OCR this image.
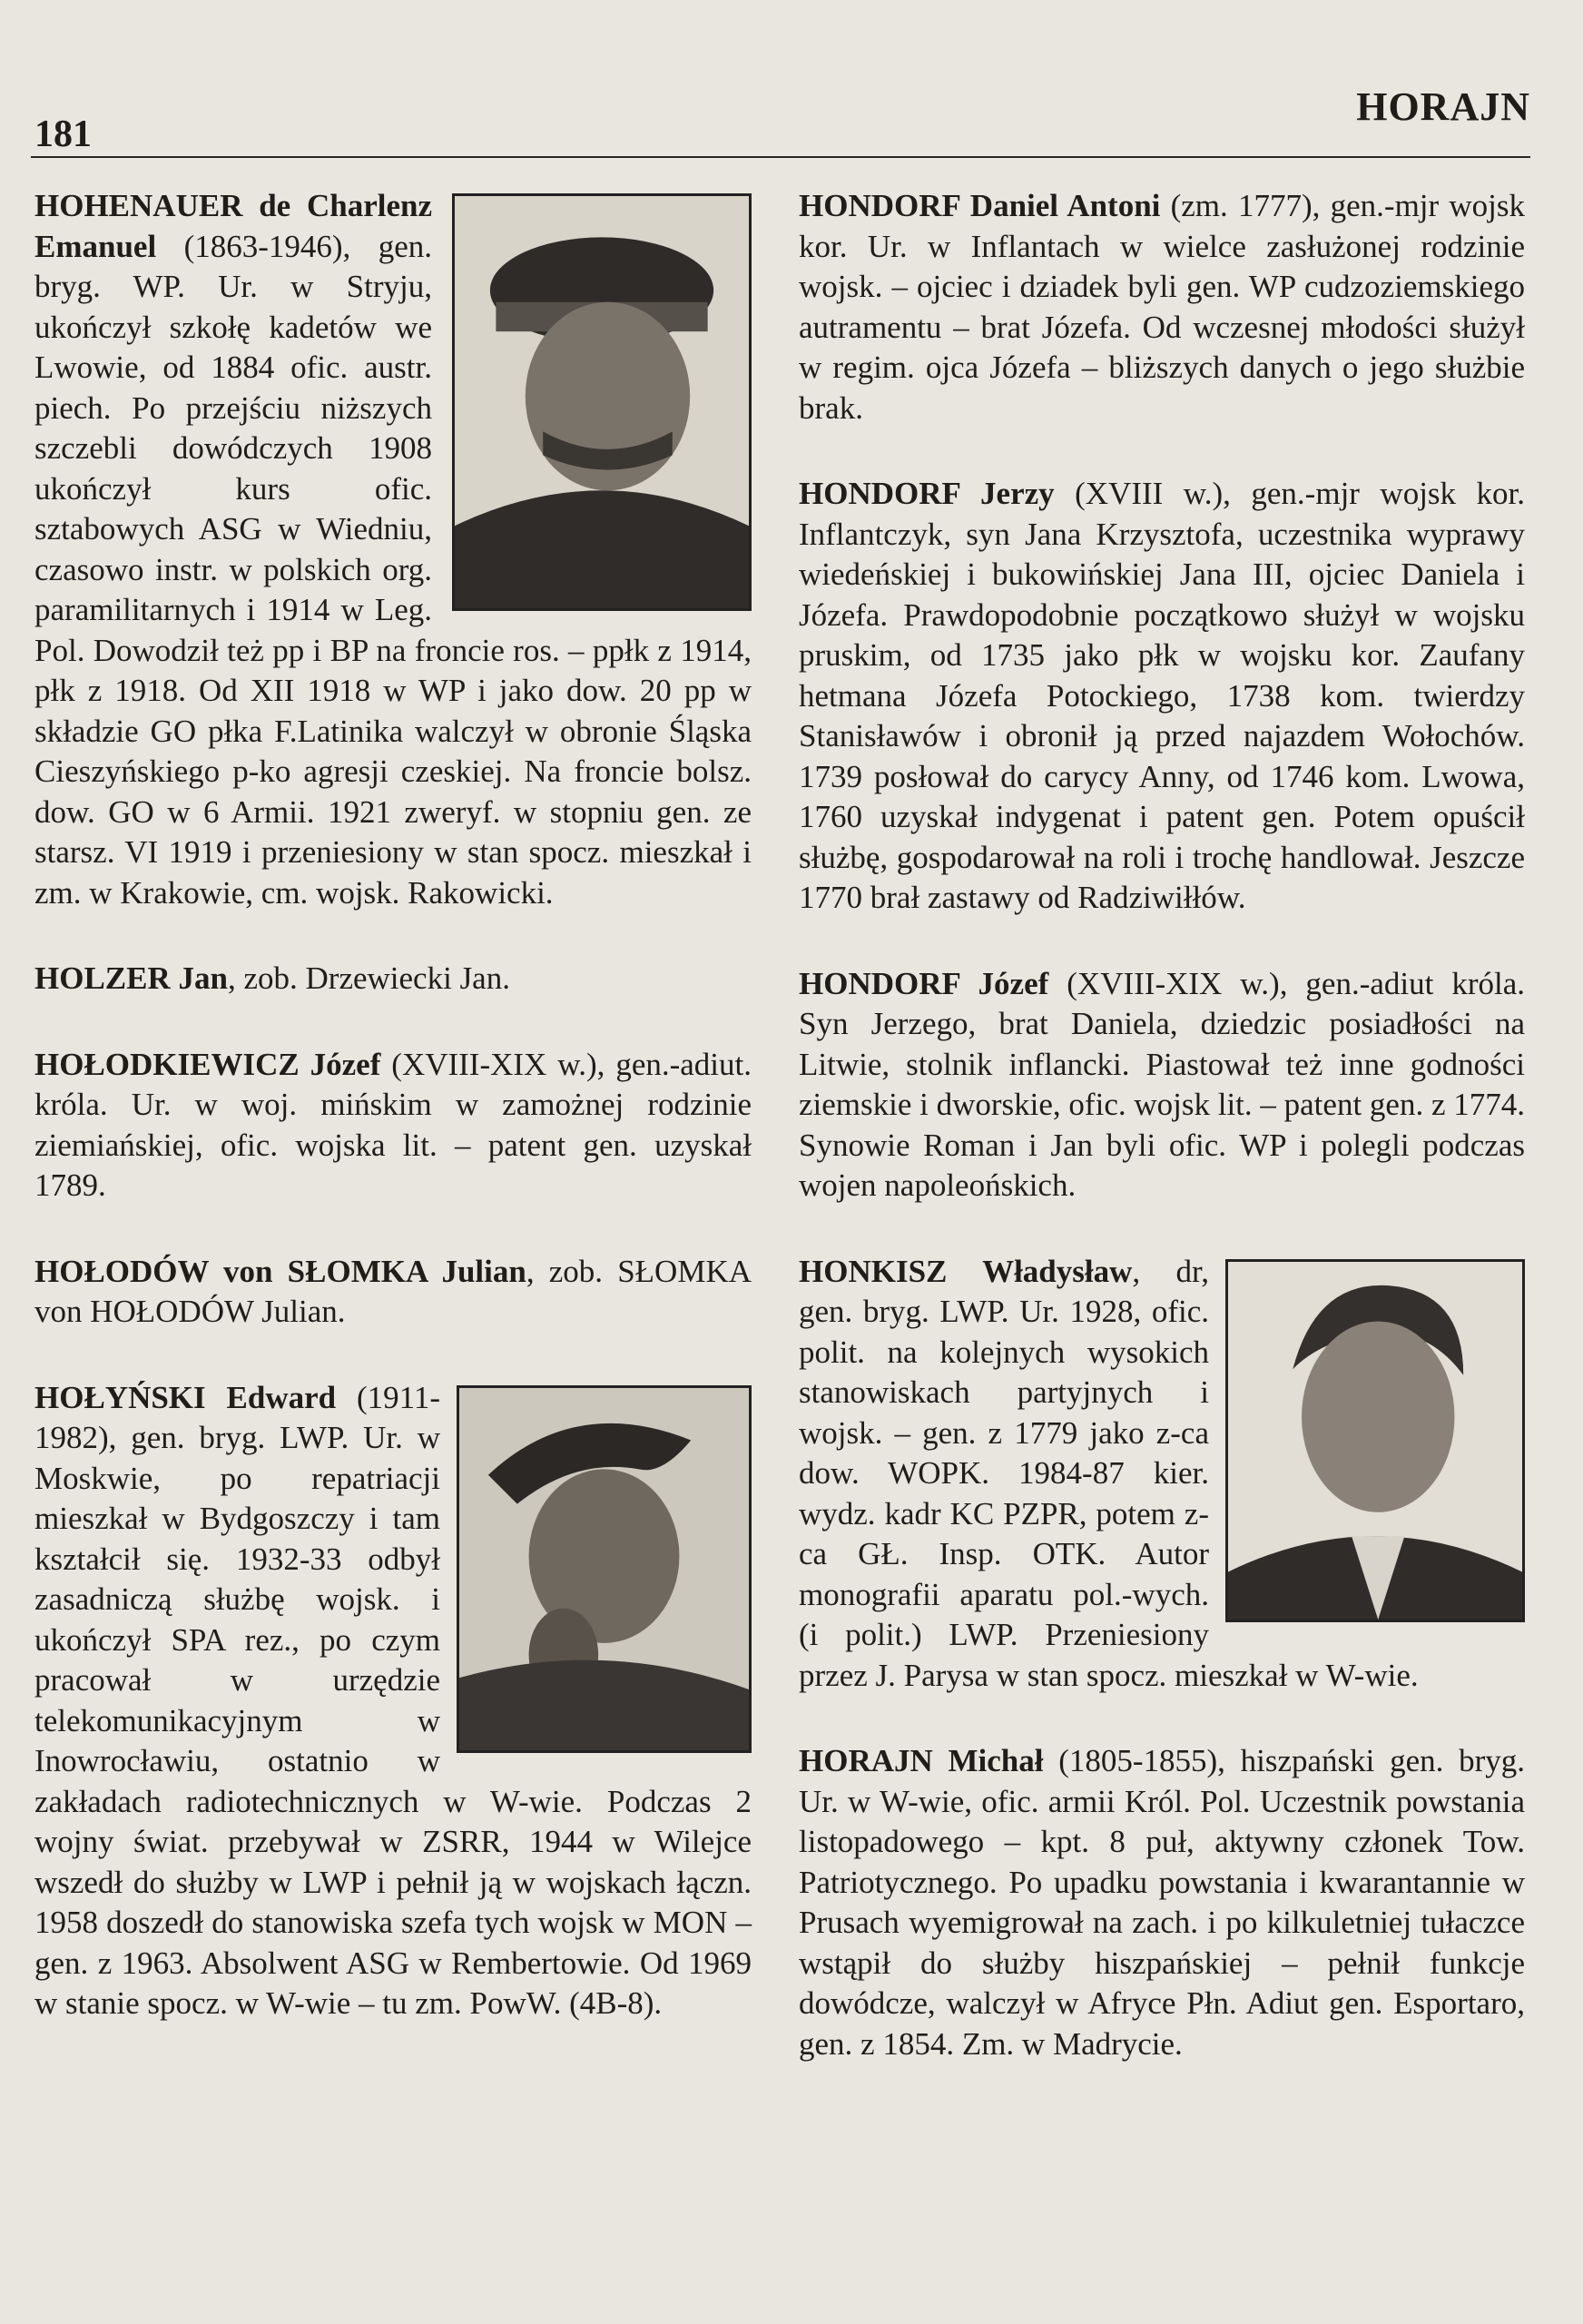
181
HORAJN

HOHENAUER de Charlenz Emanuel (1863-1946), gen. bryg. WP. Ur. w Stryju, ukończył szkołę kadetów we Lwowie, od 1884 ofic. austr. piech. Po przejściu niższych szczebli dowódczych 1908 ukończył kurs ofic. sztabowych ASG w Wiedniu, czasowo instr. w polskich org. paramilitarnych i 1914 w Leg. Pol. Dowodził też pp i BP na froncie ros. – ppłk z 1914, płk z 1918. Od XII 1918 w WP i jako dow. 20 pp w składzie GO płka F.Latinika walczył w obronie Śląska Cieszyńskiego p-ko agresji czeskiej. Na froncie bolsz. dow. GO w 6 Armii. 1921 zweryf. w stopniu gen. ze starsz. VI 1919 i przeniesiony w stan spocz. mieszkał i zm. w Krakowie, cm. wojsk. Rakowicki.

HOLZER Jan, zob. Drzewiecki Jan.

HOŁODKIEWICZ Józef (XVIII-XIX w.), gen.-adiut. króla. Ur. w woj. mińskim w zamożnej rodzinie ziemiańskiej, ofic. wojska lit. – patent gen. uzyskał 1789.

HOŁODÓW von SŁOMKA Julian, zob. SŁOMKA von HOŁODÓW Julian.

HOŁYŃSKI Edward (1911-1982), gen. bryg. LWP. Ur. w Moskwie, po repatriacji mieszkał w Bydgoszczy i tam kształcił się. 1932-33 odbył zasadniczą służbę wojsk. i ukończył SPA rez., po czym pracował w urzędzie telekomunikacyjnym w Inowrocławiu, ostatnio w zakładach radiotechnicznych w W-wie. Podczas 2 wojny świat. przebywał w ZSRR, 1944 w Wilejce wszedł do służby w LWP i pełnił ją w wojskach łączn. 1958 doszedł do stanowiska szefa tych wojsk w MON – gen. z 1963. Absolwent ASG w Rembertowie. Od 1969 w stanie spocz. w W-wie – tu zm. PowW. (4B-8).

HONDORF Daniel Antoni (zm. 1777), gen.-mjr wojsk kor. Ur. w Inflantach w wielce zasłużonej rodzinie wojsk. – ojciec i dziadek byli gen. WP cudzoziemskiego autramentu – brat Józefa. Od wczesnej młodości służył w regim. ojca Józefa – bliższych danych o jego służbie brak.

HONDORF Jerzy (XVIII w.), gen.-mjr wojsk kor. Inflantczyk, syn Jana Krzysztofa, uczestnika wyprawy wiedeńskiej i bukowińskiej Jana III, ojciec Daniela i Józefa. Prawdopodobnie początkowo służył w wojsku pruskim, od 1735 jako płk w wojsku kor. Zaufany hetmana Józefa Potockiego, 1738 kom. twierdzy Stanisławów i obronił ją przed najazdem Wołochów. 1739 posłował do carycy Anny, od 1746 kom. Lwowa, 1760 uzyskał indygenat i patent gen. Potem opuścił służbę, gospodarował na roli i trochę handlował. Jeszcze 1770 brał zastawy od Radziwiłłów.

HONDORF Józef (XVIII-XIX w.), gen.-adiut króla. Syn Jerzego, brat Daniela, dziedzic posiadłości na Litwie, stolnik inflancki. Piastował też inne godności ziemskie i dworskie, ofic. wojsk lit. – patent gen. z 1774. Synowie Roman i Jan byli ofic. WP i polegli podczas wojen napoleońskich.

HONKISZ Władysław, dr, gen. bryg. LWP. Ur. 1928, ofic. polit. na kolejnych wysokich stanowiskach partyjnych i wojsk. – gen. z 1779 jako z-ca dow. WOPK. 1984-87 kier. wydz. kadr KC PZPR, potem z-ca GŁ. Insp. OTK. Autor monografii aparatu pol.-wych. (i polit.) LWP. Przeniesiony przez J. Parysa w stan spocz. mieszkał w W-wie.

HORAJN Michał (1805-1855), hiszpański gen. bryg. Ur. w W-wie, ofic. armii Król. Pol. Uczestnik powstania listopadowego – kpt. 8 puł, aktywny członek Tow. Patriotycznego. Po upadku powstania i kwarantannie w Prusach wyemigrował na zach. i po kilkuletniej tułaczce wstąpił do służby hiszpańskiej – pełnił funkcje dowódcze, walczył w Afryce Płn. Adiut gen. Esportaro, gen. z 1854. Zm. w Madrycie.
